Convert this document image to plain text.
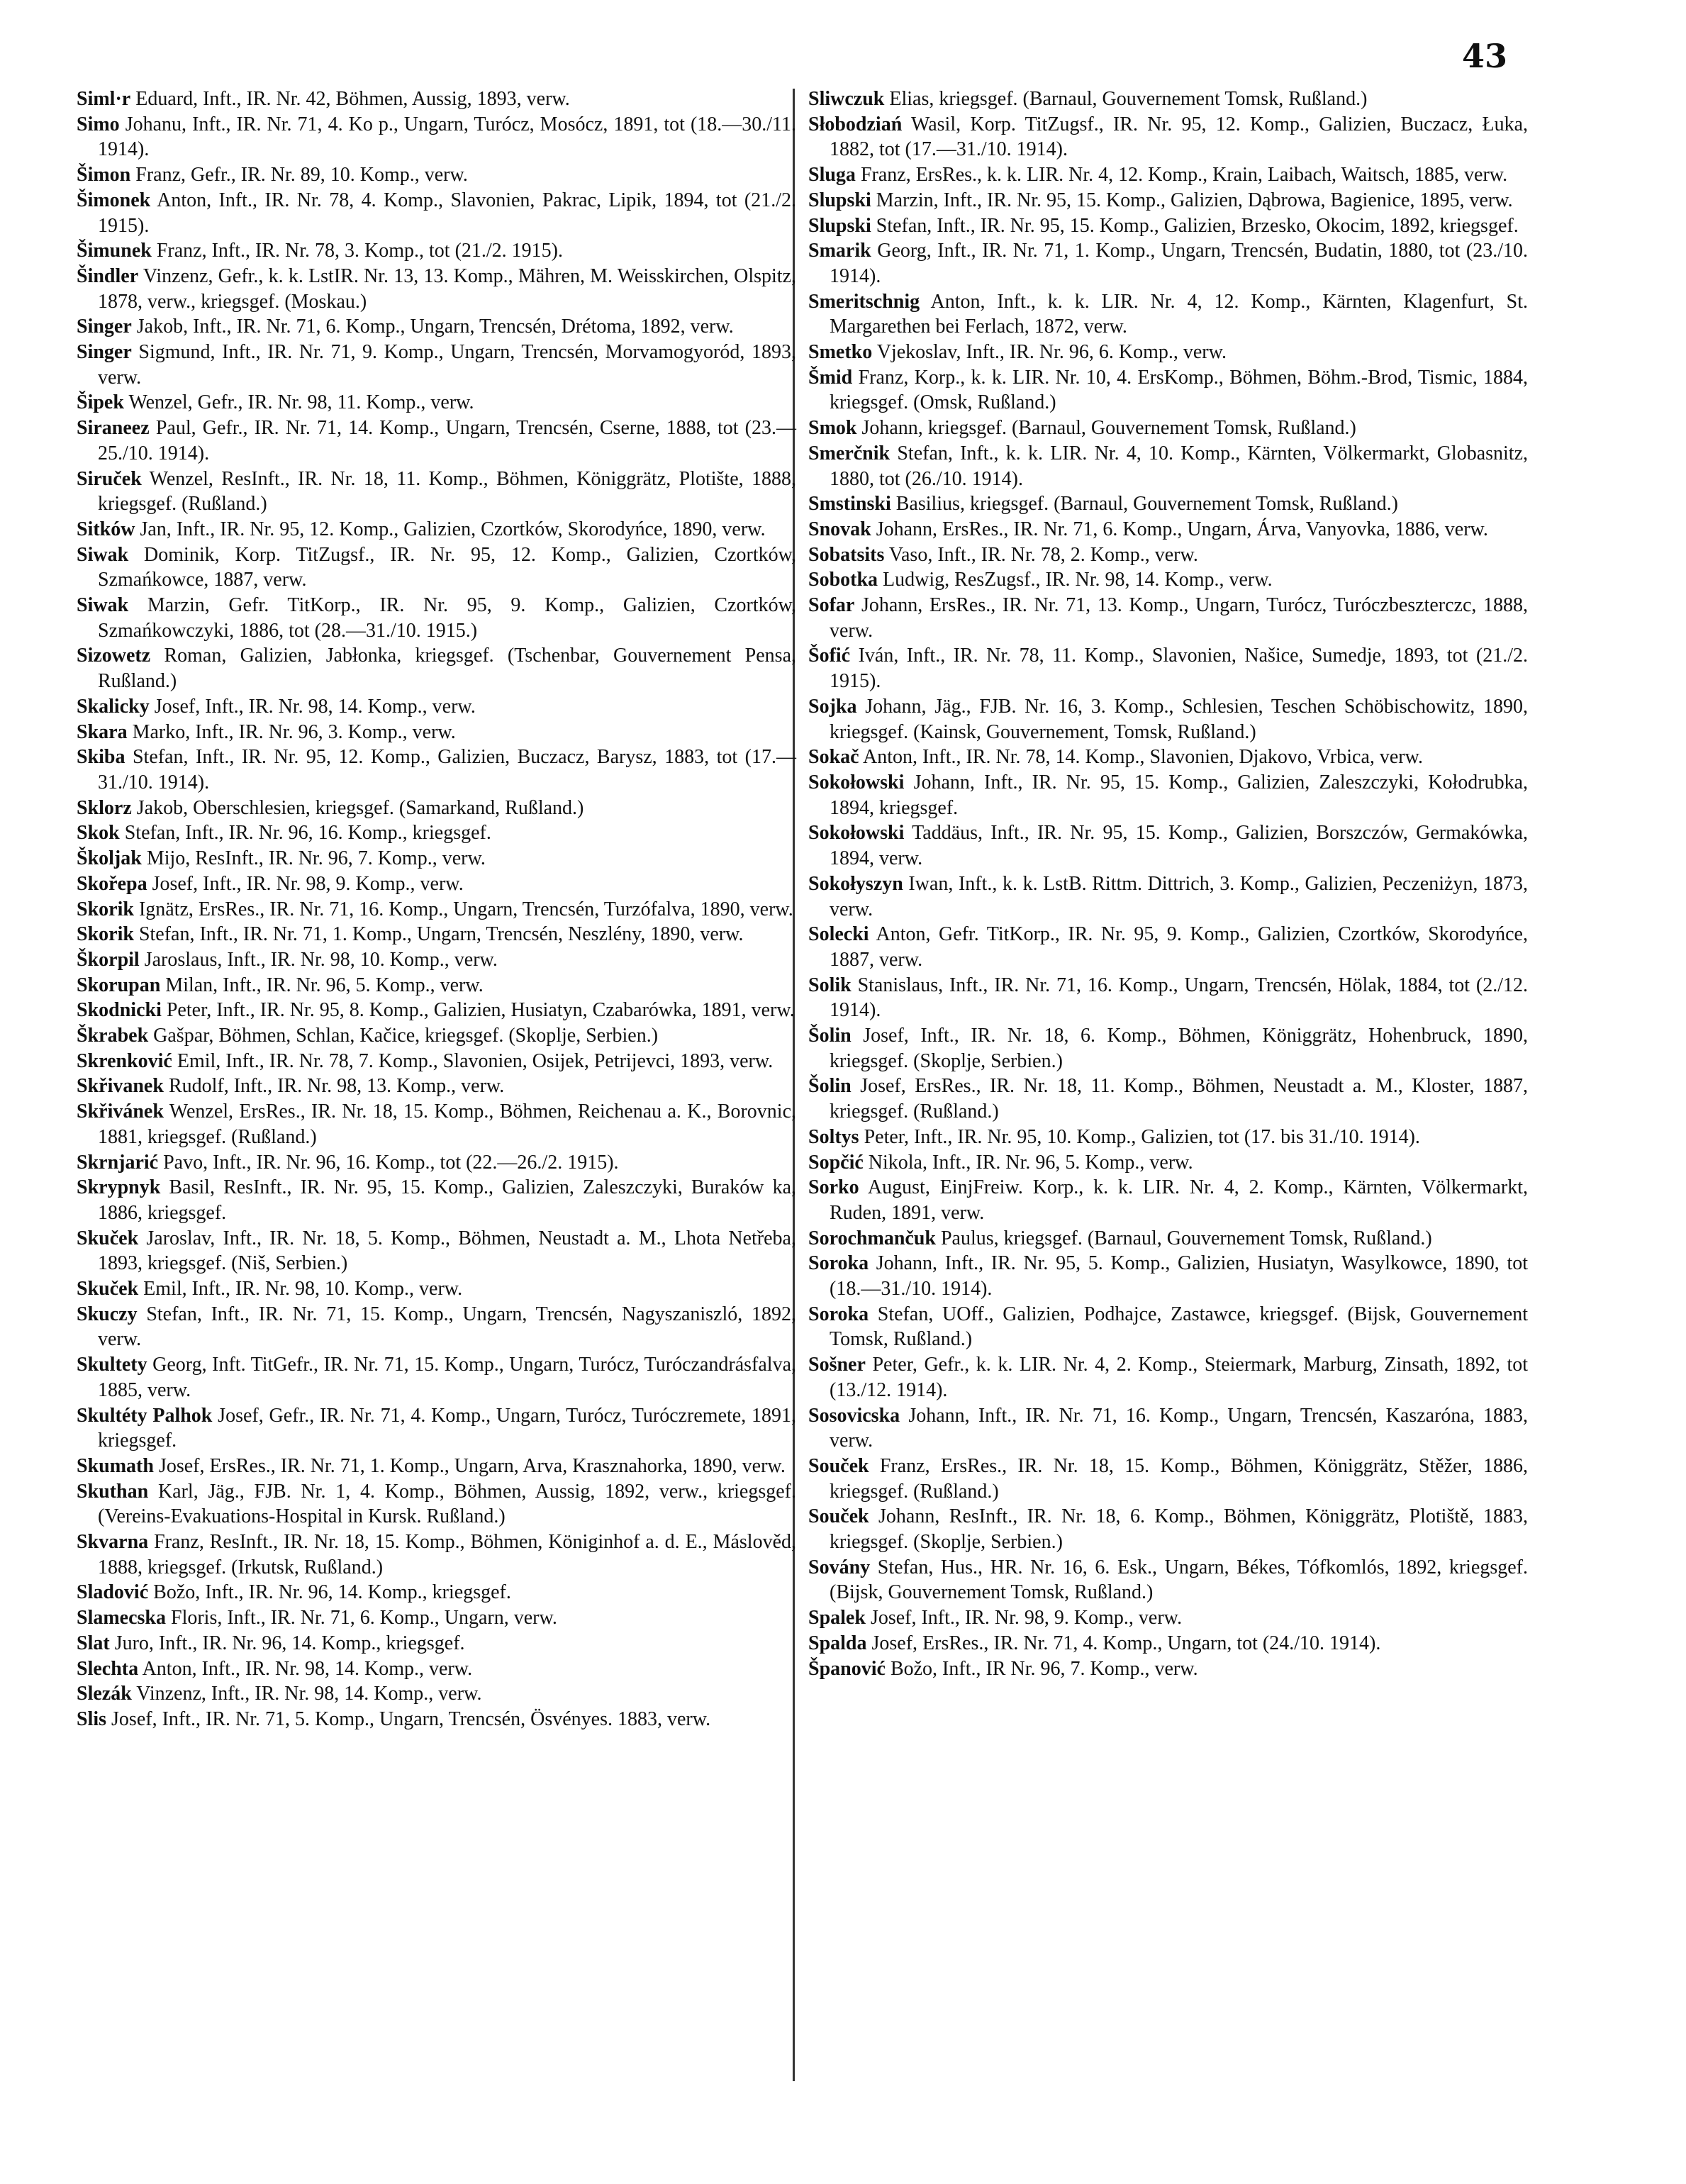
43
Siml·r Eduard, Inft., IR. Nr. 42, Böhmen, Aussig, 1893, verw.
Simo Johanu, Inft., IR. Nr. 71, 4. Ko p., Ungarn, Turócz, Mosócz, 1891, tot (18.—30./11. 1914).
Šimon Franz, Gefr., IR. Nr. 89, 10. Komp., verw.
Šimonek Anton, Inft., IR. Nr. 78, 4. Komp., Slavonien, Pakrac, Lipik, 1894, tot (21./2. 1915).
Šimunek Franz, Inft., IR. Nr. 78, 3. Komp., tot (21./2. 1915).
Šindler Vinzenz, Gefr., k. k. LstIR. Nr. 13, 13. Komp., Mähren, M. Weisskirchen, Olspitz, 1878, verw., kriegsgef. (Moskau.)
Singer Jakob, Inft., IR. Nr. 71, 6. Komp., Ungarn, Trencsén, Drétoma, 1892, verw.
Singer Sigmund, Inft., IR. Nr. 71, 9. Komp., Ungarn, Trencsén, Morvamogyoród, 1893, verw.
Šipek Wenzel, Gefr., IR. Nr. 98, 11. Komp., verw.
Siraneez Paul, Gefr., IR. Nr. 71, 14. Komp., Ungarn, Trencsén, Cserne, 1888, tot (23.—25./10. 1914).
Siruček Wenzel, ResInft., IR. Nr. 18, 11. Komp., Böhmen, Königgrätz, Plotište, 1888, kriegsgef. (Rußland.)
Sitków Jan, Inft., IR. Nr. 95, 12. Komp., Galizien, Czortków, Skorodyńce, 1890, verw.
Siwak Dominik, Korp. TitZugsf., IR. Nr. 95, 12. Komp., Galizien, Czortków, Szmańkowce, 1887, verw.
Siwak Marzin, Gefr. TitKorp., IR. Nr. 95, 9. Komp., Galizien, Czortków, Szmańkowczyki, 1886, tot (28.—31./10. 1915.)
Sizowetz Roman, Galizien, Jabłonka, kriegsgef. (Tschenbar, Gouvernement Pensa, Rußland.)
Skalicky Josef, Inft., IR. Nr. 98, 14. Komp., verw.
Skara Marko, Inft., IR. Nr. 96, 3. Komp., verw.
Skiba Stefan, Inft., IR. Nr. 95, 12. Komp., Galizien, Buczacz, Barysz, 1883, tot (17.—31./10. 1914).
Sklorz Jakob, Oberschlesien, kriegsgef. (Samarkand, Rußland.)
Skok Stefan, Inft., IR. Nr. 96, 16. Komp., kriegsgef.
Školjak Mijo, ResInft., IR. Nr. 96, 7. Komp., verw.
Skořepa Josef, Inft., IR. Nr. 98, 9. Komp., verw.
Skorik Ignätz, ErsRes., IR. Nr. 71, 16. Komp., Ungarn, Trencsén, Turzófalva, 1890, verw.
Skorik Stefan, Inft., IR. Nr. 71, 1. Komp., Ungarn, Trencsén, Neszlény, 1890, verw.
Škorpil Jaroslaus, Inft., IR. Nr. 98, 10. Komp., verw.
Skorupan Milan, Inft., IR. Nr. 96, 5. Komp., verw.
Skodnicki Peter, Inft., IR. Nr. 95, 8. Komp., Galizien, Husiatyn, Czabarówka, 1891, verw.
Škrabek Gašpar, Böhmen, Schlan, Kačice, kriegsgef. (Skoplje, Serbien.)
Skrenković Emil, Inft., IR. Nr. 78, 7. Komp., Slavonien, Osijek, Petrijevci, 1893, verw.
Skřivanek Rudolf, Inft., IR. Nr. 98, 13. Komp., verw.
Skřivánek Wenzel, ErsRes., IR. Nr. 18, 15. Komp., Böhmen, Reichenau a. K., Borovnic, 1881, kriegsgef. (Rußland.)
Skrnjarić Pavo, Inft., IR. Nr. 96, 16. Komp., tot (22.—26./2. 1915).
Skrypnyk Basil, ResInft., IR. Nr. 95, 15. Komp., Galizien, Zaleszczyki, Buraków ka, 1886, kriegsgef.
Skuček Jaroslav, Inft., IR. Nr. 18, 5. Komp., Böhmen, Neustadt a. M., Lhota Netřeba, 1893, kriegsgef. (Niš, Serbien.)
Skuček Emil, Inft., IR. Nr. 98, 10. Komp., verw.
Skuczy Stefan, Inft., IR. Nr. 71, 15. Komp., Ungarn, Trencsén, Nagyszaniszló, 1892, verw.
Skultety Georg, Inft. TitGefr., IR. Nr. 71, 15. Komp., Ungarn, Turócz, Turóczandrásfalva, 1885, verw.
Skultéty Palhok Josef, Gefr., IR. Nr. 71, 4. Komp., Ungarn, Turócz, Turóczremete, 1891, kriegsgef.
Skumath Josef, ErsRes., IR. Nr. 71, 1. Komp., Ungarn, Arva, Krasznahorka, 1890, verw.
Skuthan Karl, Jäg., FJB. Nr. 1, 4. Komp., Böhmen, Aussig, 1892, verw., kriegsgef. (Vereins-Evakuations-Hospital in Kursk. Rußland.)
Skvarna Franz, ResInft., IR. Nr. 18, 15. Komp., Böhmen, Königinhof a. d. E., Máslověd, 1888, kriegsgef. (Irkutsk, Rußland.)
Sladović Božo, Inft., IR. Nr. 96, 14. Komp., kriegsgef.
Slamecska Floris, Inft., IR. Nr. 71, 6. Komp., Ungarn, verw.
Slat Juro, Inft., IR. Nr. 96, 14. Komp., kriegsgef.
Slechta Anton, Inft., IR. Nr. 98, 14. Komp., verw.
Slezák Vinzenz, Inft., IR. Nr. 98, 14. Komp., verw.
Slis Josef, Inft., IR. Nr. 71, 5. Komp., Ungarn, Trencsén, Ösvényes. 1883, verw.
Sliwczuk Elias, kriegsgef. (Barnaul, Gouvernement Tomsk, Rußland.)
Słobodziań Wasil, Korp. TitZugsf., IR. Nr. 95, 12. Komp., Galizien, Buczacz, Łuka, 1882, tot (17.—31./10. 1914).
Sluga Franz, ErsRes., k. k. LIR. Nr. 4, 12. Komp., Krain, Laibach, Waitsch, 1885, verw.
Slupski Marzin, Inft., IR. Nr. 95, 15. Komp., Galizien, Dąbrowa, Bagienice, 1895, verw.
Slupski Stefan, Inft., IR. Nr. 95, 15. Komp., Galizien, Brzesko, Okocim, 1892, kriegsgef.
Smarik Georg, Inft., IR. Nr. 71, 1. Komp., Ungarn, Trencsén, Budatin, 1880, tot (23./10. 1914).
Smeritschnig Anton, Inft., k. k. LIR. Nr. 4, 12. Komp., Kärnten, Klagenfurt, St. Margarethen bei Ferlach, 1872, verw.
Smetko Vjekoslav, Inft., IR. Nr. 96, 6. Komp., verw.
Šmid Franz, Korp., k. k. LIR. Nr. 10, 4. ErsKomp., Böhmen, Böhm.-Brod, Tismic, 1884, kriegsgef. (Omsk, Rußland.)
Smok Johann, kriegsgef. (Barnaul, Gouvernement Tomsk, Rußland.)
Smerčnik Stefan, Inft., k. k. LIR. Nr. 4, 10. Komp., Kärnten, Völkermarkt, Globasnitz, 1880, tot (26./10. 1914).
Smstinski Basilius, kriegsgef. (Barnaul, Gouvernement Tomsk, Rußland.)
Snovak Johann, ErsRes., IR. Nr. 71, 6. Komp., Ungarn, Árva, Vanyovka, 1886, verw.
Sobatsits Vaso, Inft., IR. Nr. 78, 2. Komp., verw.
Sobotka Ludwig, ResZugsf., IR. Nr. 98, 14. Komp., verw.
Sofar Johann, ErsRes., IR. Nr. 71, 13. Komp., Ungarn, Turócz, Turóczbeszterczc, 1888, verw.
Šofić Iván, Inft., IR. Nr. 78, 11. Komp., Slavonien, Našice, Sumedje, 1893, tot (21./2. 1915).
Sojka Johann, Jäg., FJB. Nr. 16, 3. Komp., Schlesien, Teschen Schöbischowitz, 1890, kriegsgef. (Kainsk, Gouvernement, Tomsk, Rußland.)
Sokač Anton, Inft., IR. Nr. 78, 14. Komp., Slavonien, Djakovo, Vrbica, verw.
Sokołowski Johann, Inft., IR. Nr. 95, 15. Komp., Galizien, Zaleszczyki, Kołodrubka, 1894, kriegsgef.
Sokołowski Taddäus, Inft., IR. Nr. 95, 15. Komp., Galizien, Borszczów, Germakówka, 1894, verw.
Sokołyszyn Iwan, Inft., k. k. LstB. Rittm. Dittrich, 3. Komp., Galizien, Peczeniżyn, 1873, verw.
Solecki Anton, Gefr. TitKorp., IR. Nr. 95, 9. Komp., Galizien, Czortków, Skorodyńce, 1887, verw.
Solik Stanislaus, Inft., IR. Nr. 71, 16. Komp., Ungarn, Trencsén, Hölak, 1884, tot (2./12. 1914).
Šolin Josef, Inft., IR. Nr. 18, 6. Komp., Böhmen, Königgrätz, Hohenbruck, 1890, kriegsgef. (Skoplje, Serbien.)
Šolin Josef, ErsRes., IR. Nr. 18, 11. Komp., Böhmen, Neustadt a. M., Kloster, 1887, kriegsgef. (Rußland.)
Soltys Peter, Inft., IR. Nr. 95, 10. Komp., Galizien, tot (17. bis 31./10. 1914).
Sopčić Nikola, Inft., IR. Nr. 96, 5. Komp., verw.
Sorko August, EinjFreiw. Korp., k. k. LIR. Nr. 4, 2. Komp., Kärnten, Völkermarkt, Ruden, 1891, verw.
Sorochmančuk Paulus, kriegsgef. (Barnaul, Gouvernement Tomsk, Rußland.)
Soroka Johann, Inft., IR. Nr. 95, 5. Komp., Galizien, Husiatyn, Wasylkowce, 1890, tot (18.—31./10. 1914).
Soroka Stefan, UOff., Galizien, Podhajce, Zastawce, kriegsgef. (Bijsk, Gouvernement Tomsk, Rußland.)
Sošner Peter, Gefr., k. k. LIR. Nr. 4, 2. Komp., Steiermark, Marburg, Zinsath, 1892, tot (13./12. 1914).
Sosovicska Johann, Inft., IR. Nr. 71, 16. Komp., Ungarn, Trencsén, Kaszaróna, 1883, verw.
Souček Franz, ErsRes., IR. Nr. 18, 15. Komp., Böhmen, Königgrätz, Stěžer, 1886, kriegsgef. (Rußland.)
Souček Johann, ResInft., IR. Nr. 18, 6. Komp., Böhmen, Königgrätz, Plotiště, 1883, kriegsgef. (Skoplje, Serbien.)
Sovány Stefan, Hus., HR. Nr. 16, 6. Esk., Ungarn, Békes, Tófkomlós, 1892, kriegsgef. (Bijsk, Gouvernement Tomsk, Rußland.)
Spalek Josef, Inft., IR. Nr. 98, 9. Komp., verw.
Spalda Josef, ErsRes., IR. Nr. 71, 4. Komp., Ungarn, tot (24./10. 1914).
Španović Božo, Inft., IR Nr. 96, 7. Komp., verw.
